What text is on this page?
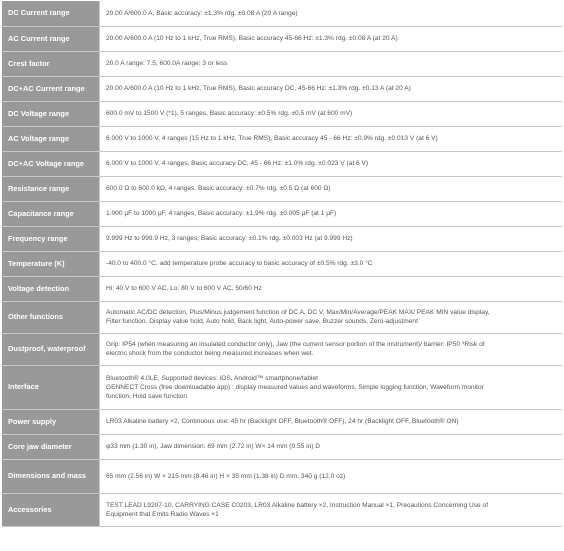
DC Current range	20.00 A/600.0 A, Basic accuracy: ±1.3% rdg. ±0.08 A (20 A range)
AC Current range	20.00 A/600.0 A (10 Hz to 1 kHz, True RMS), Basic accuracy 45-66 Hz: ±1.3% rdg. ±0.08 A (at 20 A)
Crest factor	20.0 A range: 7.5, 600.0A range: 3 or less
DC+AC Current range	20.00 A/600.0 A (10 Hz to 1 kHz, True RMS), Basic accuracy DC, 45-66 Hz: ±1.3% rdg. ±0.13 A (at 20 A)
DC Voltage range	600.0 mV to 1500 V (*1), 5 ranges, Basic accuracy: ±0.5% rdg. ±0.5 mV (at 600 mV)
AC Voltage range	6.000 V to 1000 V, 4 ranges (15 Hz to 1 kHz, True RMS), Basic accuracy 45 - 66 Hz: ±0.9% rdg. ±0.013 V (at 6 V)
DC+AC Voltage range	6.000 V to 1000 V, 4 ranges, Basic accuracy DC, 45 - 66 Hz: ±1.0% rdg. ±0.023 V (at 6 V)
Resistance range	600.0 Ω to 600.0 kΩ, 4 ranges, Basic accuracy: ±0.7% rdg. ±0.5 Ω (at 600 Ω)
Capacitance range	1.000 μF to 1000 μF, 4 ranges, Basic accuracy: ±1.9% rdg. ±0.005 μF (at 1 μF)
Frequency range	9.999 Hz to 999.9 Hz, 3 ranges, Basic accuracy: ±0.1% rdg. ±0.003 Hz (at 9.999 Hz)
Temperature (K)	-40.0 to 400.0 °C, add temperature probe accuracy to basic accuracy of ±0.5% rdg. ±3.0 °C
Voltage detection	Hi: 40 V to 600 V AC, Lo: 80 V to 600 V AC, 50/60 Hz
Other functions	Automatic AC/DC detection, Plus/Minus judgement function of DC A, DC V, Max/Min/Average/PEAK MAX/ PEAK MIN value display,
Filter function, Display value hold, Auto hold, Back light, Auto-power save, Buzzer sounds, Zero-adjustment
Dustproof, waterproof	Grip: IP54 (when measuring an insulated conductor only), Jaw (the current sensor portion of the instrument)/ barrier: IP50 *Risk of
electric shock from the conductor being measured increases when wet.
Interface	Bluetooth® 4.0LE, Supported devices: iOS, Android™ smartphone/tablet
GENNECT Cross (free downloadable app) : display measured values and waveforms, Simple logging function, Waveform monitor
function, Hold save function
Power supply	LR03 Alkaline battery ×2, Continuous use: 45 hr (Backlight OFF, Bluetooth® OFF), 24 hr (Backlight OFF, Bluetooth® ON)
Core jaw diameter	φ33 mm (1.30 in), Jaw dimension: 69 mm (2.72 in) W× 14 mm (0.55 in) D
Dimensions and mass	65 mm (2.56 in) W × 215 mm (8.46 in) H × 35 mm (1.38 in) D mm, 340 g (12.0 oz)
Accessories	TEST LEAD L9207-10, CARRYING CASE C0203, LR03 Alkaline battery ×2, Instruction Manual ×1, Precautions Concerning Use of
Equipment that Emits Radio Waves ×1
